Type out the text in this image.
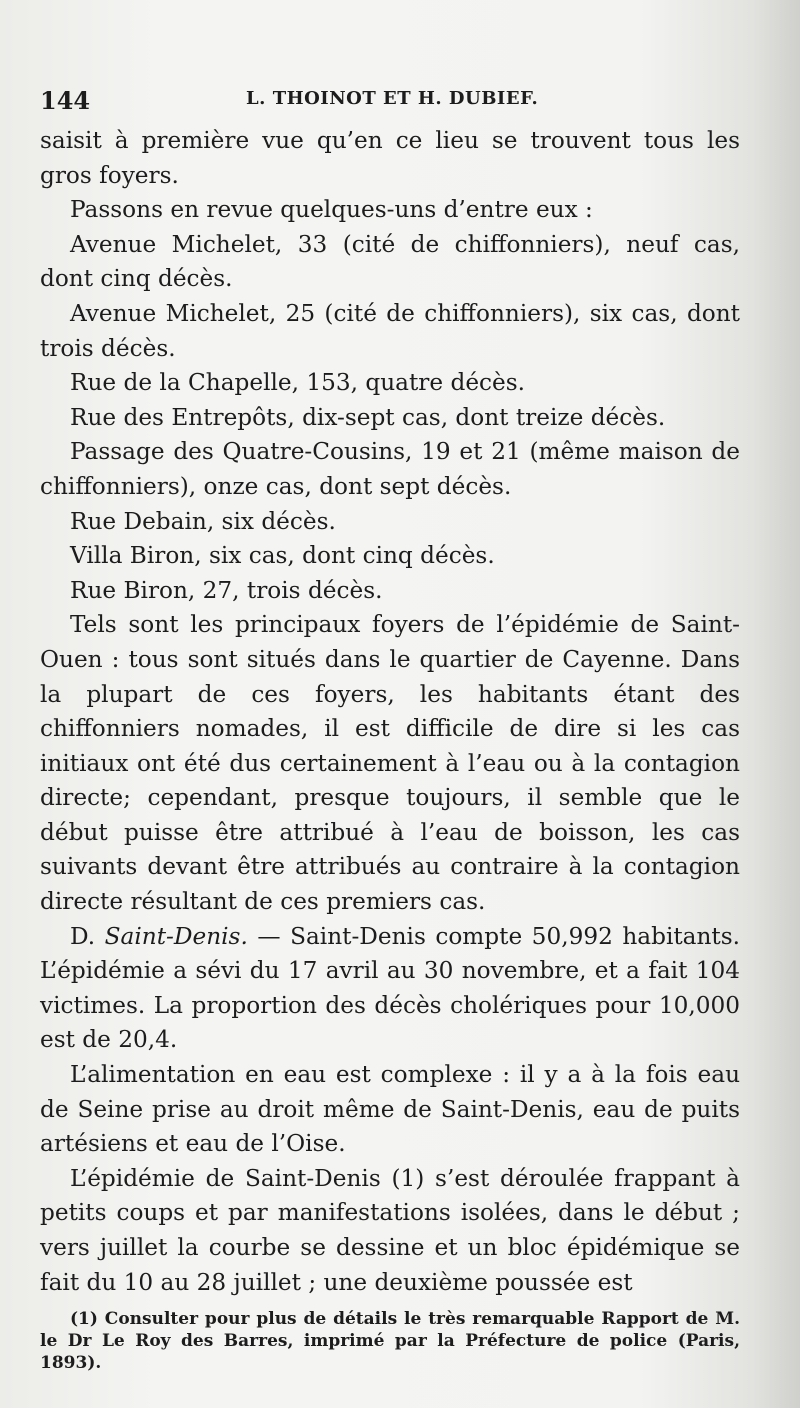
144	L. THOINOT ET H. DUBIEF.

saisit à première vue qu’en ce lieu se trouvent tous les gros foyers.

Passons en revue quelques-uns d’entre eux :

Avenue Michelet, 33 (cité de chiffonniers), neuf cas, dont cinq décès.

Avenue Michelet, 25 (cité de chiffonniers), six cas, dont trois décès.

Rue de la Chapelle, 153, quatre décès.

Rue des Entrepôts, dix-sept cas, dont treize décès.

Passage des Quatre-Cousins, 19 et 21 (même maison de chiffonniers), onze cas, dont sept décès.

Rue Debain, six décès.

Villa Biron, six cas, dont cinq décès.

Rue Biron, 27, trois décès.

Tels sont les principaux foyers de l’épidémie de Saint-Ouen : tous sont situés dans le quartier de Cayenne. Dans la plupart de ces foyers, les habitants étant des chiffonniers nomades, il est difficile de dire si les cas initiaux ont été dus certainement à l’eau ou à la contagion directe; cependant, presque toujours, il semble que le début puisse être attribué à l’eau de boisson, les cas suivants devant être attribués au contraire à la contagion directe résultant de ces premiers cas.

D. Saint-Denis. — Saint-Denis compte 50,992 habitants. L’épidémie a sévi du 17 avril au 30 novembre, et a fait 104 victimes. La proportion des décès cholériques pour 10,000 est de 20,4.

L’alimentation en eau est complexe : il y a à la fois eau de Seine prise au droit même de Saint-Denis, eau de puits artésiens et eau de l’Oise.

L’épidémie de Saint-Denis (1) s’est déroulée frappant à petits coups et par manifestations isolées, dans le début ; vers juillet la courbe se dessine et un bloc épidémique se fait du 10 au 28 juillet ; une deuxième poussée est

(1) Consulter pour plus de détails le très remarquable Rapport de M. le Dr Le Roy des Barres, imprimé par la Préfecture de police (Paris, 1893).
